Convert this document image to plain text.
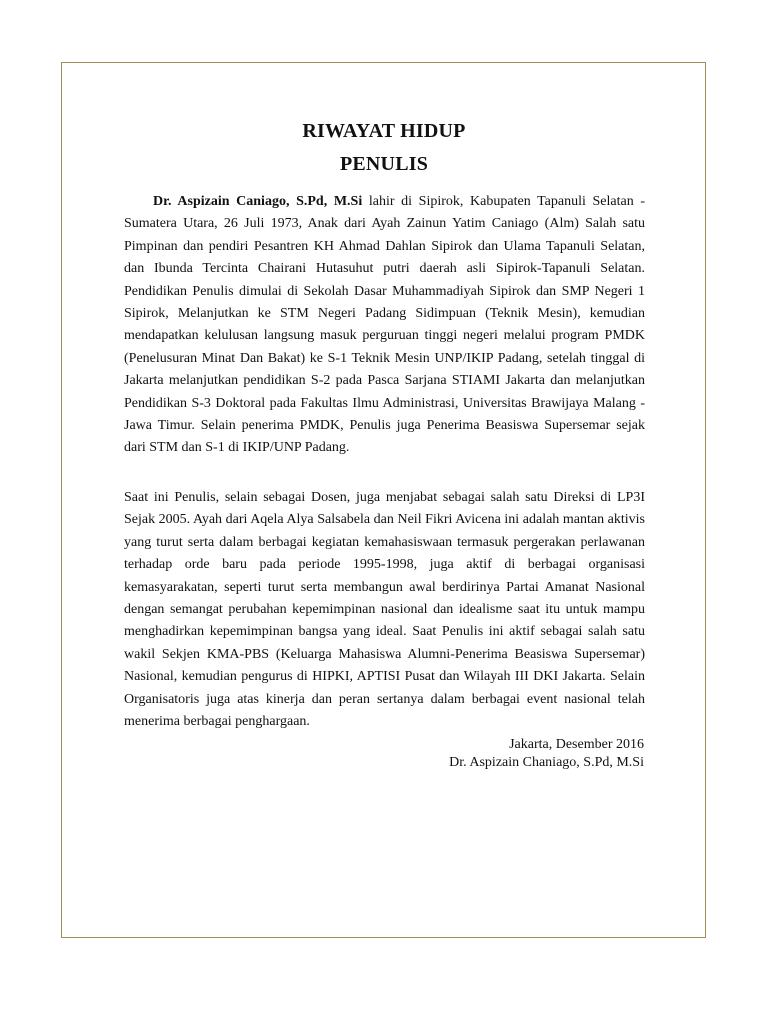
RIWAYAT HIDUP
PENULIS

Dr. Aspizain Caniago, S.Pd, M.Si lahir di Sipirok, Kabupaten Tapanuli Selatan - Sumatera Utara, 26 Juli 1973, Anak dari Ayah Zainun Yatim Caniago (Alm) Salah satu Pimpinan dan pendiri Pesantren KH Ahmad Dahlan Sipirok dan Ulama Tapanuli Selatan, dan Ibunda Tercinta Chairani Hutasuhut putri daerah asli Sipirok-Tapanuli Selatan. Pendidikan Penulis dimulai di Sekolah Dasar Muhammadiyah Sipirok dan SMP Negeri 1 Sipirok, Melanjutkan ke STM Negeri Padang Sidimpuan (Teknik Mesin), kemudian mendapatkan kelulusan langsung masuk perguruan tinggi negeri melalui program PMDK (Penelusuran Minat Dan Bakat) ke S-1 Teknik Mesin UNP/IKIP Padang, setelah tinggal di Jakarta melanjutkan pendidikan S-2 pada Pasca Sarjana STIAMI Jakarta dan melanjutkan Pendidikan S-3 Doktoral pada Fakultas Ilmu Administrasi, Universitas Brawijaya Malang - Jawa Timur. Selain penerima PMDK, Penulis juga Penerima Beasiswa Supersemar sejak dari STM dan S-1 di IKIP/UNP Padang.

Saat ini Penulis, selain sebagai Dosen, juga menjabat sebagai salah satu Direksi di LP3I Sejak 2005. Ayah dari Aqela Alya Salsabela dan Neil Fikri Avicena ini adalah mantan aktivis yang turut serta dalam berbagai kegiatan kemahasiswaan termasuk pergerakan perlawanan terhadap orde baru pada periode 1995-1998, juga aktif di berbagai organisasi kemasyarakatan, seperti turut serta membangun awal berdirinya Partai Amanat Nasional dengan semangat perubahan kepemimpinan nasional dan idealisme saat itu untuk mampu menghadirkan kepemimpinan bangsa yang ideal. Saat Penulis ini aktif sebagai salah satu wakil Sekjen KMA-PBS (Keluarga Mahasiswa Alumni-Penerima Beasiswa Supersemar) Nasional, kemudian pengurus di HIPKI, APTISI Pusat dan Wilayah III DKI Jakarta. Selain Organisatoris juga atas kinerja dan peran sertanya dalam berbagai event nasional telah menerima berbagai penghargaan.

Jakarta, Desember 2016
Dr. Aspizain Chaniago, S.Pd, M.Si
